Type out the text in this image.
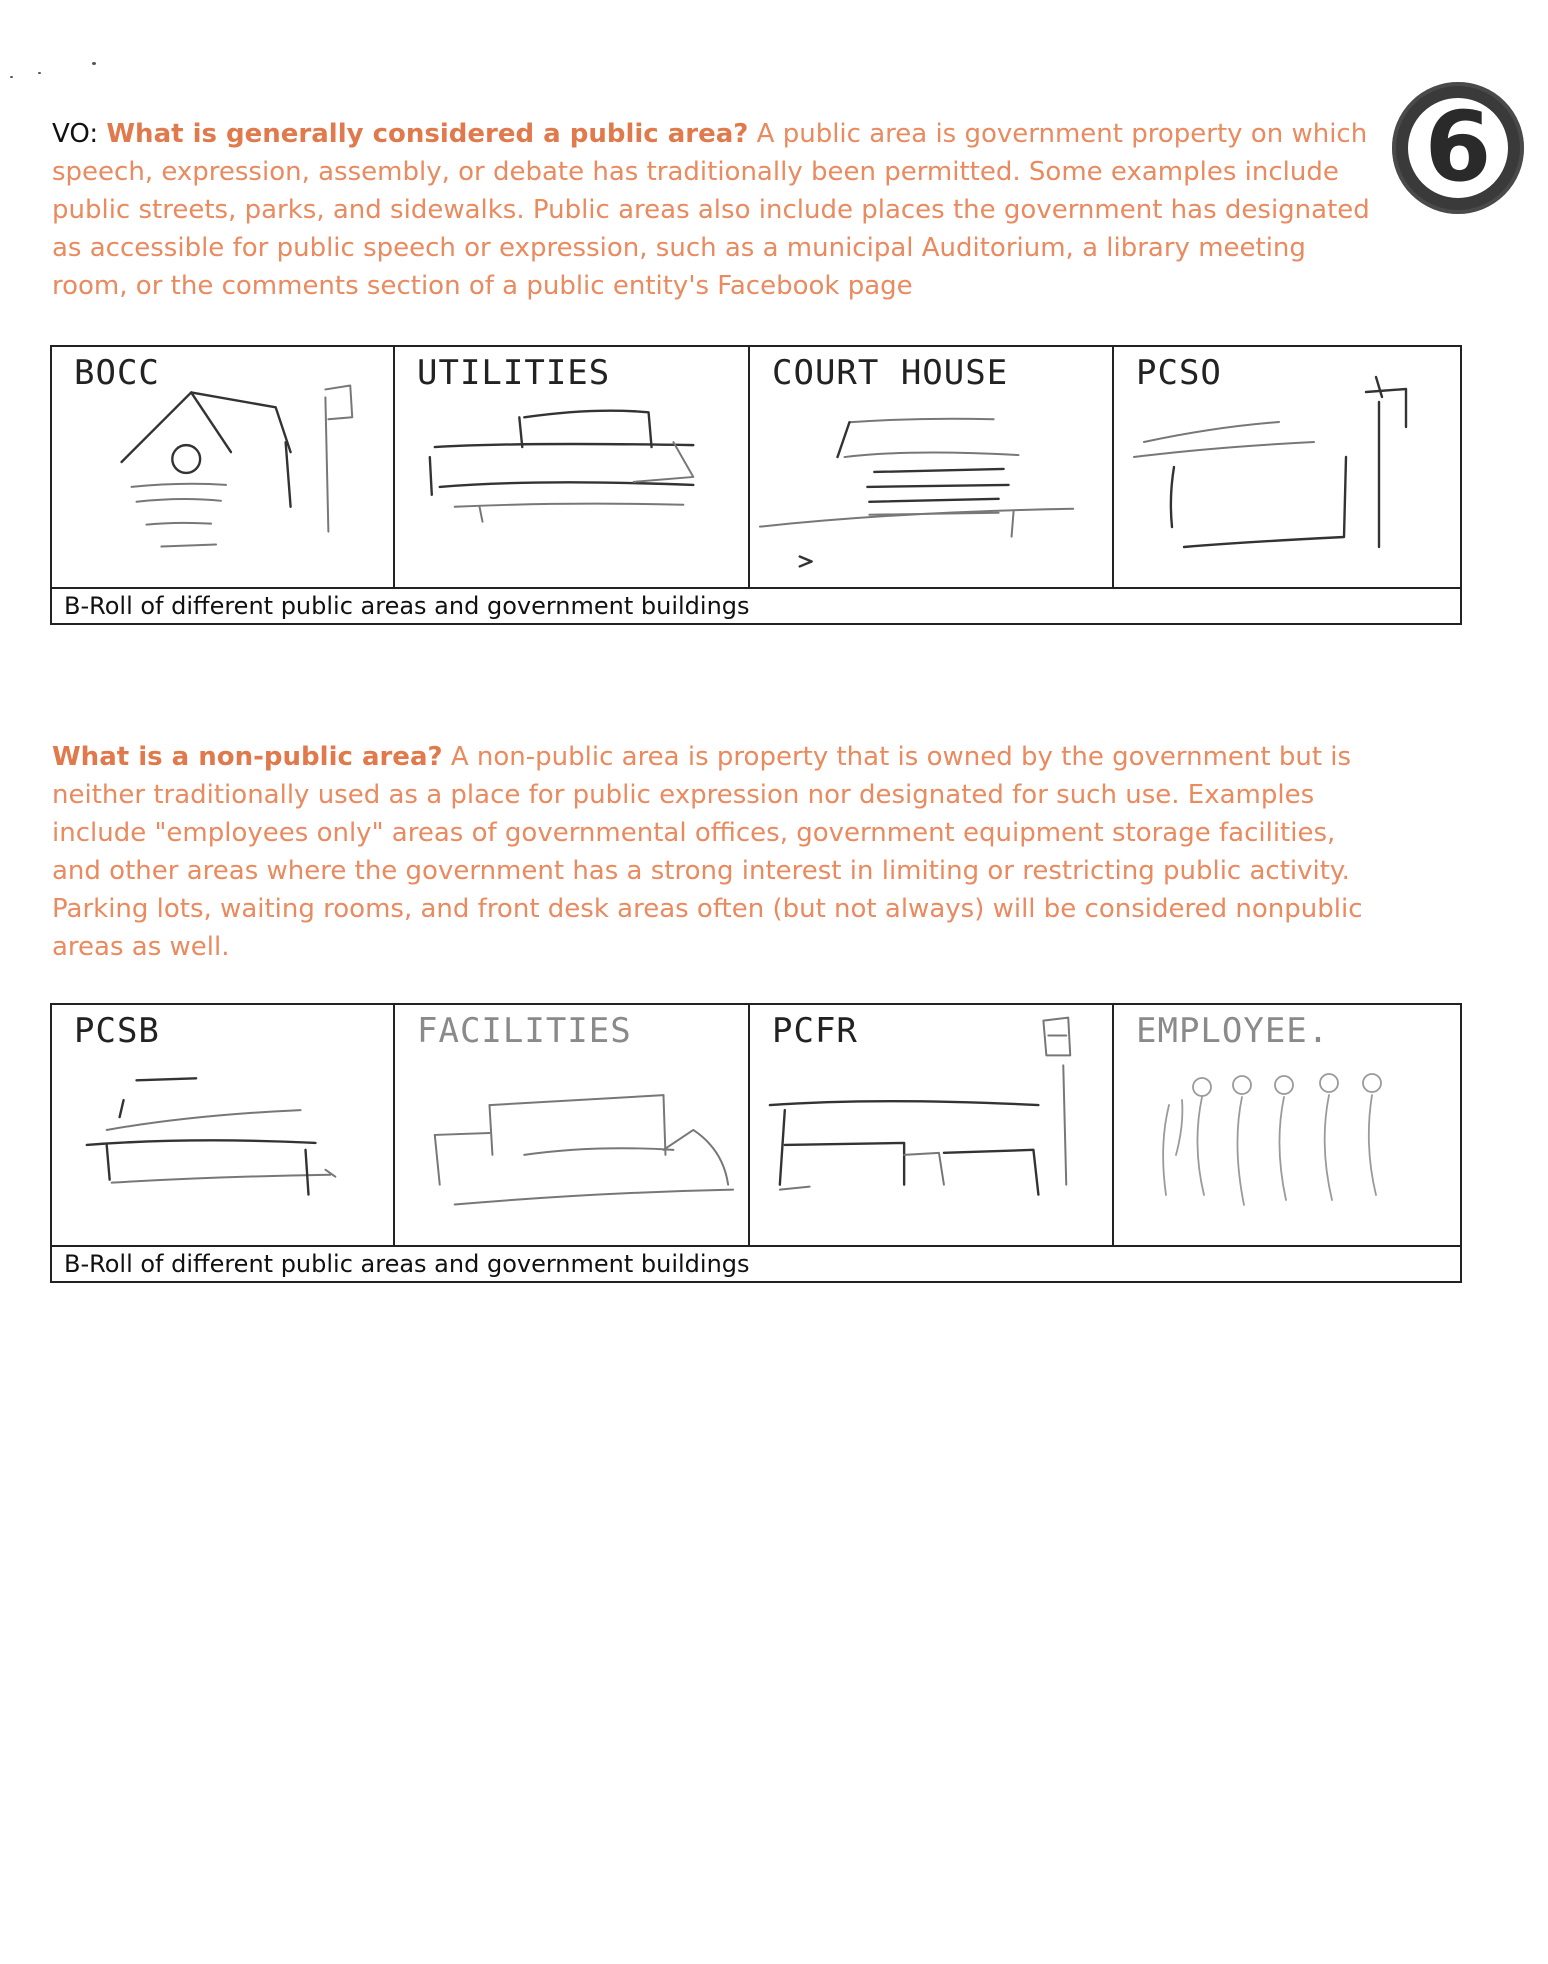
6

VO: What is generally considered a public area? A public area is government property on which speech, expression, assembly, or debate has traditionally been permitted. Some examples include public streets, parks, and sidewalks. Public areas also include places the government has designated as accessible for public speech or expression, such as a municipal Auditorium, a library meeting room, or the comments section of a public entity's Facebook page

BOCC	UTILITIES	COURT HOUSE	PCSO
B-Roll of different public areas and government buildings

What is a non-public area? A non-public area is property that is owned by the government but is neither traditionally used as a place for public expression nor designated for such use. Examples include "employees only" areas of governmental offices, government equipment storage facilities, and other areas where the government has a strong interest in limiting or restricting public activity. Parking lots, waiting rooms, and front desk areas often (but not always) will be considered nonpublic areas as well.

PCSB	FACILITIES	PCFR	EMPLOYEE.
B-Roll of different public areas and government buildings
